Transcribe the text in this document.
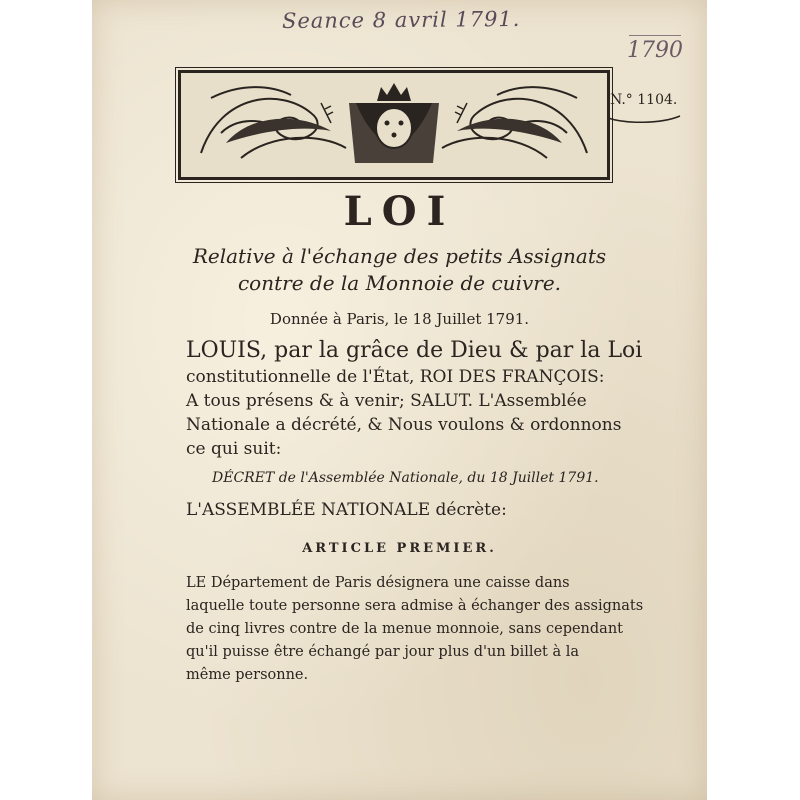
Seance 8 avril 1791.
1790
N.° 1104.
LOI
Relative à l'échange des petits Assignats
contre de la Monnoie de cuivre.
Donnée à Paris, le 18 Juillet 1791.
LOUIS, par la grâce de Dieu & par la Loi
constitutionnelle de l'État, ROI DES FRANÇOIS:
A tous présens & à venir; SALUT. L'Assemblée
Nationale a décrété, & Nous voulons & ordonnons
ce qui suit:
DÉCRET de l'Assemblée Nationale, du 18 Juillet 1791.
L'ASSEMBLÉE NATIONALE décrète:
ARTICLE PREMIER.
LE Département de Paris désignera une caisse dans
laquelle toute personne sera admise à échanger des assignats
de cinq livres contre de la menue monnoie, sans cependant
qu'il puisse être échangé par jour plus d'un billet à la
même personne.
